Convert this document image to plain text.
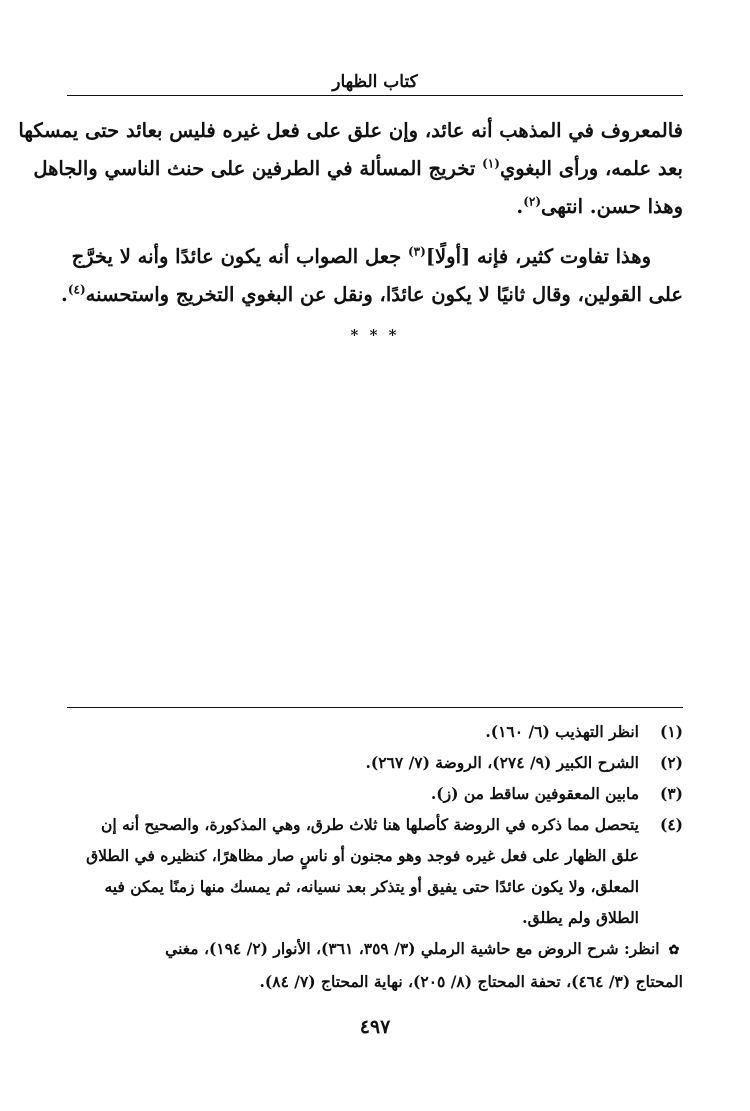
كتاب الظهار

فالمعروف في المذهب أنه عائد، وإن علق على فعل غيره فليس بعائد حتى يمسكها
بعد علمه، ورأى البغوي$^{(١)}$ تخريج المسألة في الطرفين على حنث الناسي والجاهل
وهذا حسن. انتهى$^{(٢)}$.

وهذا تفاوت كثير، فإنه [أولًا]$^{(٣)}$ جعل الصواب أنه يكون عائدًا وأنه لا يخرَّج
على القولين، وقال ثانيًا لا يكون عائدًا، ونقل عن البغوي التخريج واستحسنه$^{(٤)}$.

* * *
(١)
انظر التهذيب (٦/ ١٦٠).
(٢)
الشرح الكبير (٩/ ٢٧٤)، الروضة (٧/ ٢٦٧).
(٣)
مابين المعقوفين ساقط من (ز).
(٤)
يتحصل مما ذكره في الروضة كأصلها هنا ثلاث طرق، وهي المذكورة، والصحيح أنه إن
علق الظهار على فعل غيره فوجد وهو مجنون أو ناسٍ صار مظاهرًا، كنظيره في الطلاق
المعلق، ولا يكون عائدًا حتى يفيق أو يتذكر بعد نسيانه، ثم يمسك منها زمنًا يمكن فيه
الطلاق ولم يطلق.
✿ انظر: شرح الروض مع حاشية الرملي (٣/ ٣٥٩، ٣٦١)، الأنوار (٢/ ١٩٤)، مغني
المحتاج (٣/ ٤٦٤)، تحفة المحتاج (٨/ ٢٠٥)، نهاية المحتاج (٧/ ٨٤).
٤٩٧
